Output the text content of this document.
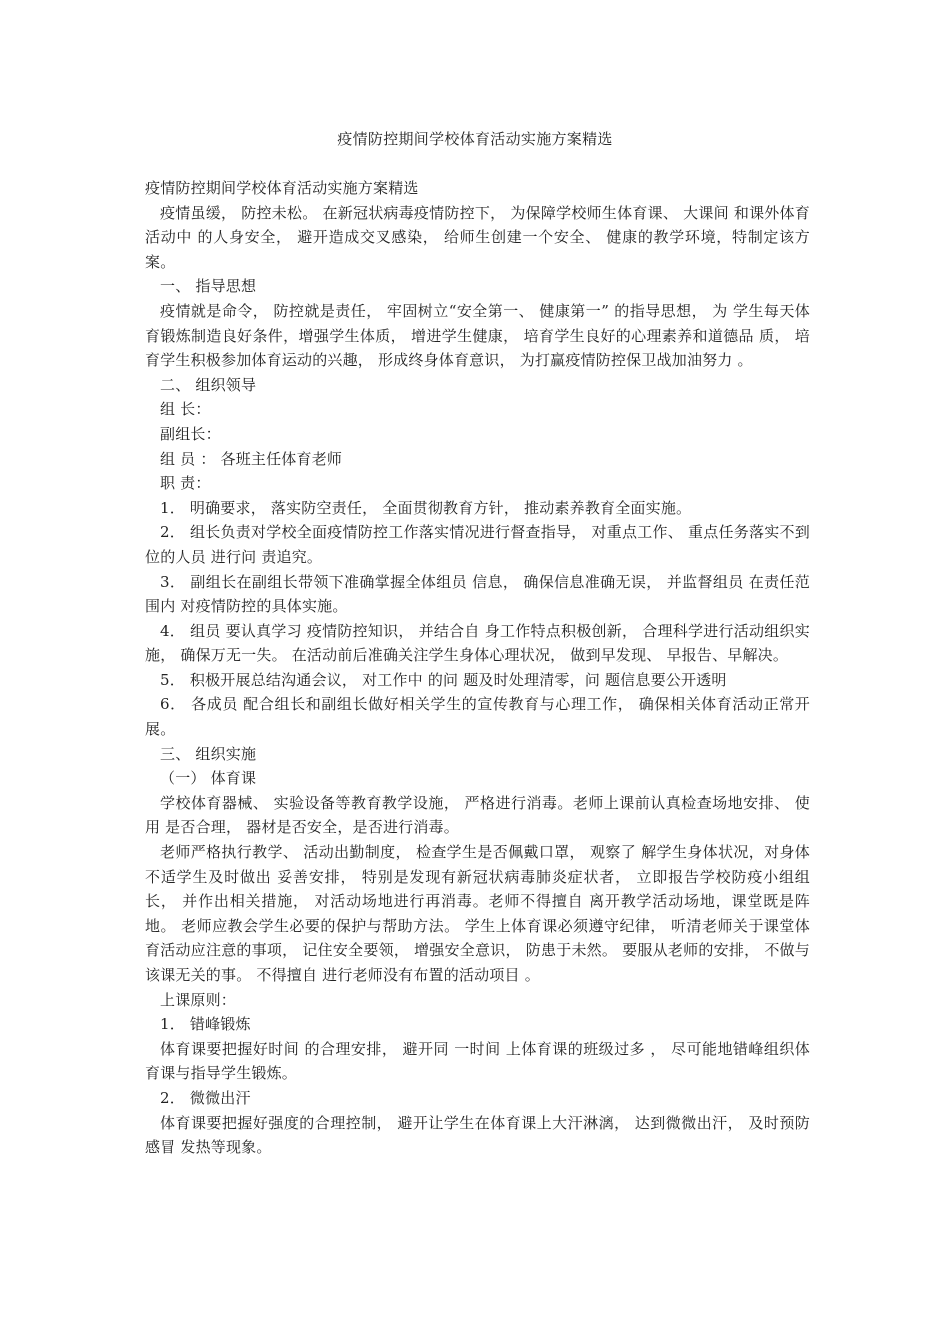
疫情防控期间学校体育活动实施方案精选

疫情防控期间学校体育活动实施方案精选

疫情虽缓， 防控未松。 在新冠状病毒疫情防控下， 为保障学校师生体育课、 大课间 和课外体育活动中 的人身安全， 避开造成交叉感染， 给师生创建一个安全、 健康的教学环境，特制定该方案。

一、 指导思想

疫情就是命令， 防控就是责任， 牢固树立“安全第一、 健康第一” 的指导思想， 为 学生每天体育锻炼制造良好条件，增强学生体质， 增进学生健康， 培育学生良好的心理素养和道德品 质， 培育学生积极参加体育运动的兴趣， 形成终身体育意识， 为打赢疫情防控保卫战加油努力 。

二、 组织领导

组 长：

副组长：

组 员 ： 各班主任体育老师

职 责：

1． 明确要求， 落实防空责任， 全面贯彻教育方针， 推动素养教育全面实施。

2． 组长负责对学校全面疫情防控工作落实情况进行督查指导， 对重点工作、 重点任务落实不到位的人员 进行问 责追究。

3． 副组长在副组长带领下准确掌握全体组员 信息， 确保信息准确无误， 并监督组员 在责任范围内 对疫情防控的具体实施。

4． 组员 要认真学习 疫情防控知识， 并结合自 身工作特点积极创新， 合理科学进行活动组织实施， 确保万无一失。 在活动前后准确关注学生身体心理状况， 做到早发现、 早报告、早解决。

5． 积极开展总结沟通会议， 对工作中 的问 题及时处理清零，问 题信息要公开透明

6． 各成员 配合组长和副组长做好相关学生的宣传教育与心理工作， 确保相关体育活动正常开展。

三、 组织实施

（一） 体育课

学校体育器械、 实验设备等教育教学设施， 严格进行消毒。老师上课前认真检查场地安排、 使用 是否合理， 器材是否安全，是否进行消毒。

老师严格执行教学、 活动出勤制度， 检查学生是否佩戴口罩， 观察了 解学生身体状况，对身体不适学生及时做出 妥善安排， 特别是发现有新冠状病毒肺炎症状者， 立即报告学校防疫小组组长， 并作出相关措施， 对活动场地进行再消毒。老师不得擅自 离开教学活动场地，课堂既是阵地。 老师应教会学生必要的保护与帮助方法。 学生上体育课必须遵守纪律， 听清老师关于课堂体育活动应注意的事项， 记住安全要领， 增强安全意识， 防患于未然。 要服从老师的安排， 不做与该课无关的事。 不得擅自 进行老师没有布置的活动项目 。

上课原则：

1． 错峰锻炼

体育课要把握好时间 的合理安排， 避开同 一时间 上体育课的班级过多 ， 尽可能地错峰组织体育课与指导学生锻炼。

2． 微微出汗

体育课要把握好强度的合理控制， 避开让学生在体育课上大汗淋漓， 达到微微出汗， 及时预防感冒 发热等现象。
